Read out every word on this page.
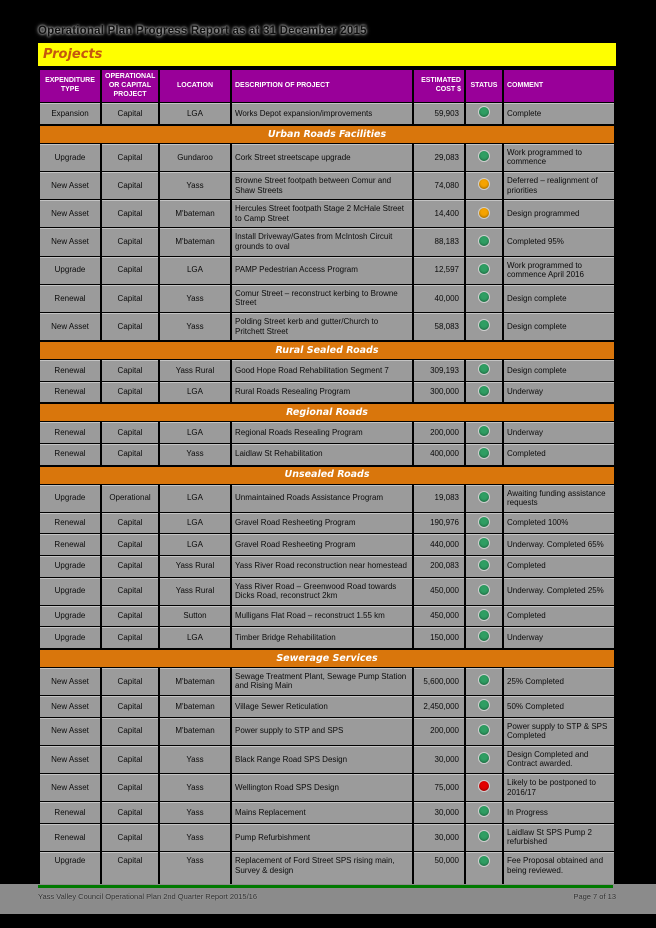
Operational Plan Progress Report as at 31 December 2015
Projects
EXPENDITURE TYPE	OPERATIONAL OR CAPITAL PROJECT	LOCATION	DESCRIPTION OF PROJECT	ESTIMATED COST $	STATUS	COMMENT
Expansion	Capital	LGA	Works Depot expansion/improvements	59,903		Complete
Urban Roads Facilities						
Upgrade	Capital	Gundaroo	Cork Street streetscape upgrade	29,083		Work programmed to commence
New Asset	Capital	Yass	Browne Street footpath between Comur and Shaw Streets	74,080		Deferred – realignment of priorities
New Asset	Capital	M'bateman	Hercules Street footpath Stage 2 McHale Street to Camp Street	14,400		Design programmed
New Asset	Capital	M'bateman	Install Driveway/Gates from McIntosh Circuit grounds to oval	88,183		Completed 95%
Upgrade	Capital	LGA	PAMP Pedestrian Access Program	12,597		Work programmed to commence April 2016
Renewal	Capital	Yass	Comur Street – reconstruct kerbing to Browne Street	40,000		Design complete
New Asset	Capital	Yass	Polding Street kerb and gutter/Church to Pritchett Street	58,083		Design complete
Rural Sealed Roads						
Renewal	Capital	Yass Rural	Good Hope Road Rehabilitation Segment 7	309,193		Design complete
Renewal	Capital	LGA	Rural Roads Resealing Program	300,000		Underway
Regional Roads						
Renewal	Capital	LGA	Regional Roads Resealing Program	200,000		Underway
Renewal	Capital	Yass	Laidlaw St Rehabilitation	400,000		Completed
Unsealed Roads						
Upgrade	Operational	LGA	Unmaintained Roads Assistance Program	19,083		Awaiting funding assistance requests
Renewal	Capital	LGA	Gravel Road Resheeting Program	190,976		Completed 100%
Renewal	Capital	LGA	Gravel Road Resheeting Program	440,000		Underway. Completed 65%
Upgrade	Capital	Yass Rural	Yass River Road reconstruction near homestead	200,083		Completed
Upgrade	Capital	Yass Rural	Yass River Road – Greenwood Road towards Dicks Road, reconstruct 2km	450,000		Underway. Completed 25%
Upgrade	Capital	Sutton	Mulligans Flat Road – reconstruct 1.55 km	450,000		Completed
Upgrade	Capital	LGA	Timber Bridge Rehabilitation	150,000		Underway
Sewerage Services						
New Asset	Capital	M'bateman	Sewage Treatment Plant, Sewage Pump Station and Rising Main	5,600,000		25% Completed
New Asset	Capital	M'bateman	Village Sewer Reticulation	2,450,000		50% Completed
New Asset	Capital	M'bateman	Power supply to STP and SPS	200,000		Power supply to STP & SPS Completed
New Asset	Capital	Yass	Black Range Road SPS Design	30,000		Design Completed and Contract awarded.
New Asset	Capital	Yass	Wellington Road SPS Design	75,000		Likely to be postponed to 2016/17
Renewal	Capital	Yass	Mains Replacement	30,000		In Progress
Renewal	Capital	Yass	Pump Refurbishment	30,000		Laidlaw St SPS Pump 2 refurbished
Upgrade	Capital	Yass	Replacement of Ford Street SPS rising main, Survey & design	50,000		Fee Proposal obtained and being reviewed.
Yass Valley Council Operational Plan 2nd Quarter Report 2015/16	Page 7 of 13
